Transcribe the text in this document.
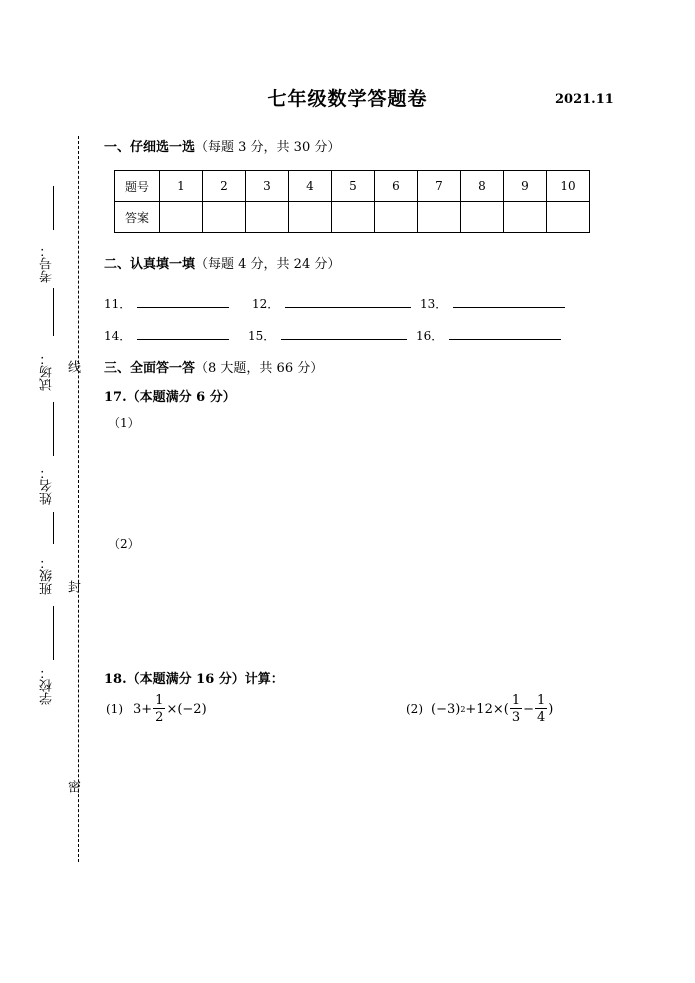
七年级数学答题卷	2021.11
一、仔细选一选（每题 3 分，共 30 分）
题号	1	2	3	4	5	6	7	8	9	10
答案										
二、认真填一填（每题 4 分，共 24 分）
11．	12．	13．
14．	15．	16．
三、全面答一答（8 大题，共 66 分）
17.（本题满分 6 分）
（1）
（2）
18.（本题满分 16 分）计算：
(1) $3+ \frac{1}{2} \times(-2)$	(2) (−3) $2 +12\times( \frac{1}{3} - \frac{1}{4}$ )
考号：
试场：
姓名：
班级：
学校：
线
封
密
